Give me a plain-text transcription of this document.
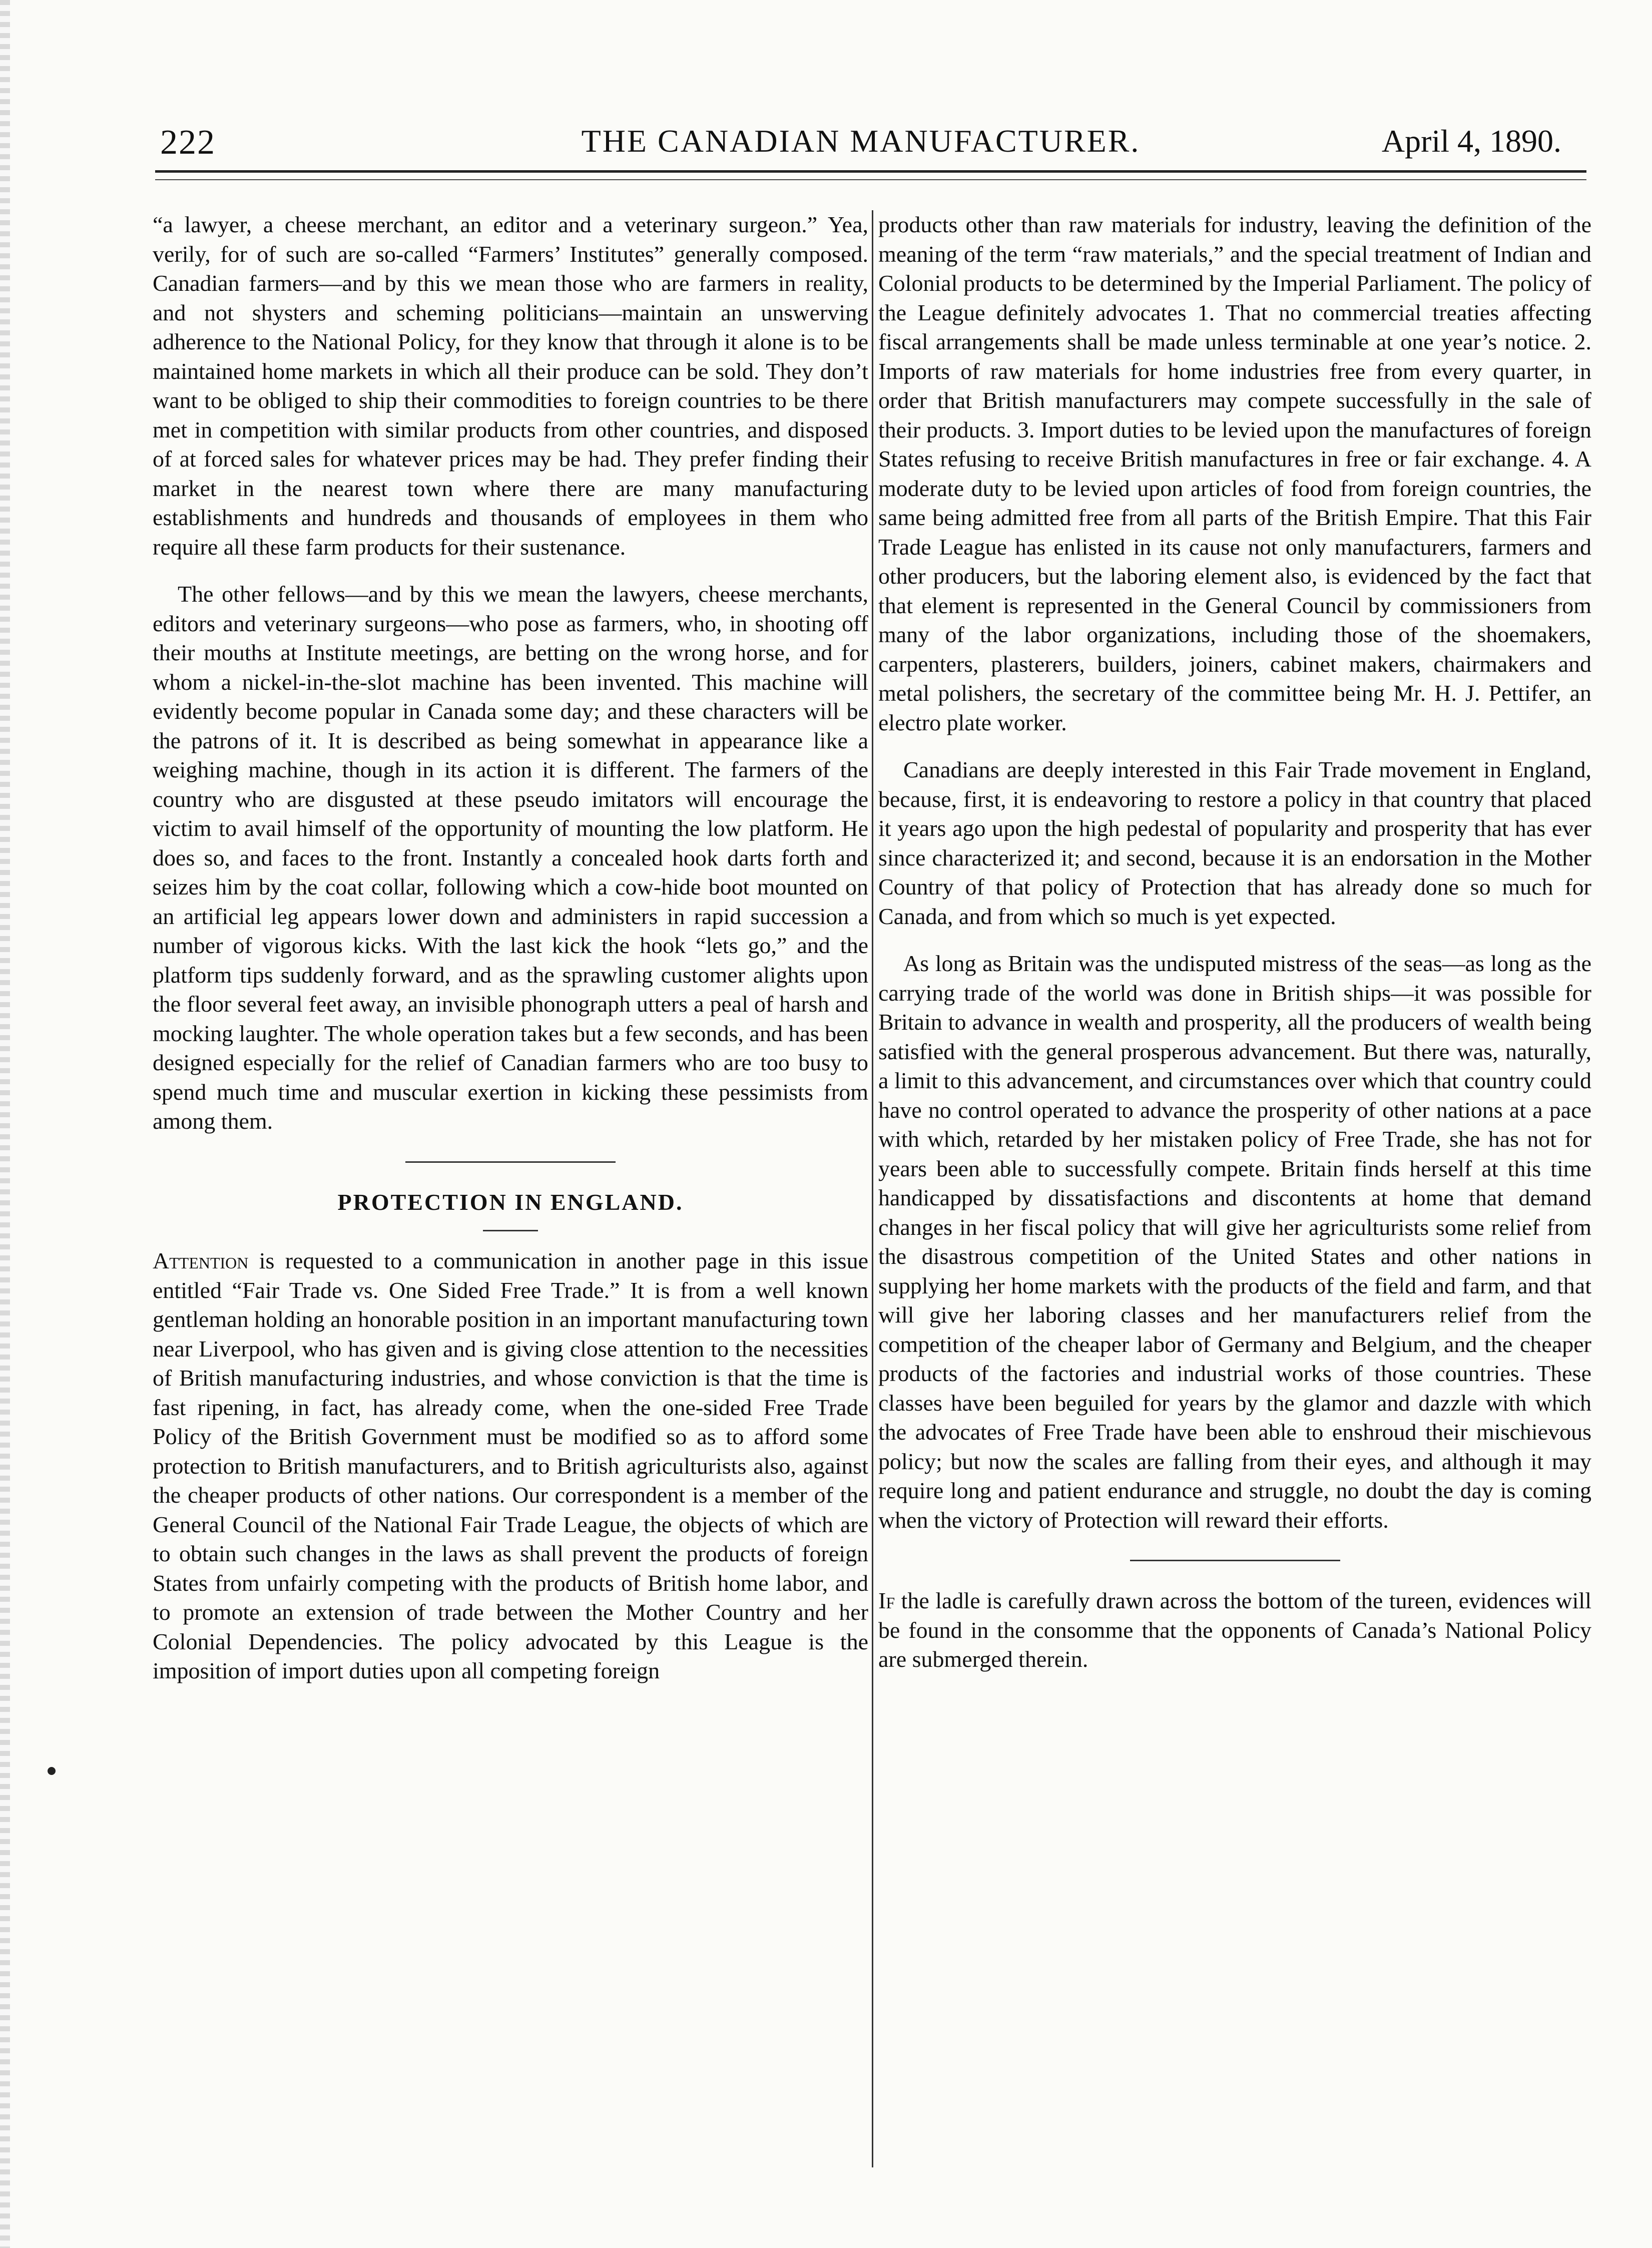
222	THE CANADIAN MANUFACTURER.	April 4, 1890.

“a lawyer, a cheese merchant, an editor and a veterinary surgeon.” Yea, verily, for of such are so-called “Farmers’ Institutes” generally composed. Canadian farmers—and by this we mean those who are farmers in reality, and not shysters and scheming politicians—maintain an unswerving adherence to the National Policy, for they know that through it alone is to be maintained home markets in which all their produce can be sold. They don’t want to be obliged to ship their commodities to foreign countries to be there met in competition with similar products from other countries, and disposed of at forced sales for whatever prices may be had. They prefer finding their market in the nearest town where there are many manufacturing establishments and hundreds and thousands of employees in them who require all these farm products for their sustenance.

The other fellows—and by this we mean the lawyers, cheese merchants, editors and veterinary surgeons—who pose as farmers, who, in shooting off their mouths at Institute meetings, are betting on the wrong horse, and for whom a nickel-in-the-slot machine has been invented. This machine will evidently become popular in Canada some day; and these characters will be the patrons of it. It is described as being somewhat in appearance like a weighing machine, though in its action it is different. The farmers of the country who are disgusted at these pseudo imitators will encourage the victim to avail himself of the opportunity of mounting the low platform. He does so, and faces to the front. Instantly a concealed hook darts forth and seizes him by the coat collar, following which a cow-hide boot mounted on an artificial leg appears lower down and administers in rapid succession a number of vigorous kicks. With the last kick the hook “lets go,” and the platform tips suddenly forward, and as the sprawling customer alights upon the floor several feet away, an invisible phonograph utters a peal of harsh and mocking laughter. The whole operation takes but a few seconds, and has been designed especially for the relief of Canadian farmers who are too busy to spend much time and muscular exertion in kicking these pessimists from among them.

PROTECTION IN ENGLAND.

Attention is requested to a communication in another page in this issue entitled “Fair Trade vs. One Sided Free Trade.” It is from a well known gentleman holding an honorable position in an important manufacturing town near Liverpool, who has given and is giving close attention to the necessities of British manufacturing industries, and whose conviction is that the time is fast ripening, in fact, has already come, when the one-sided Free Trade Policy of the British Government must be modified so as to afford some protection to British manufacturers, and to British agriculturists also, against the cheaper products of other nations. Our correspondent is a member of the General Council of the National Fair Trade League, the objects of which are to obtain such changes in the laws as shall prevent the products of foreign States from unfairly competing with the products of British home labor, and to promote an extension of trade between the Mother Country and her Colonial Dependencies. The policy advocated by this League is the imposition of import duties upon all competing foreign

products other than raw materials for industry, leaving the definition of the meaning of the term “raw materials,” and the special treatment of Indian and Colonial products to be determined by the Imperial Parliament. The policy of the League definitely advocates 1. That no commercial treaties affecting fiscal arrangements shall be made unless terminable at one year’s notice. 2. Imports of raw materials for home industries free from every quarter, in order that British manufacturers may compete successfully in the sale of their products. 3. Import duties to be levied upon the manufactures of foreign States refusing to receive British manufactures in free or fair exchange. 4. A moderate duty to be levied upon articles of food from foreign countries, the same being admitted free from all parts of the British Empire. That this Fair Trade League has enlisted in its cause not only manufacturers, farmers and other producers, but the laboring element also, is evidenced by the fact that that element is represented in the General Council by commissioners from many of the labor organizations, including those of the shoemakers, carpenters, plasterers, builders, joiners, cabinet makers, chairmakers and metal polishers, the secretary of the committee being Mr. H. J. Pettifer, an electro plate worker.

Canadians are deeply interested in this Fair Trade movement in England, because, first, it is endeavoring to restore a policy in that country that placed it years ago upon the high pedestal of popularity and prosperity that has ever since characterized it; and second, because it is an endorsation in the Mother Country of that policy of Protection that has already done so much for Canada, and from which so much is yet expected.

As long as Britain was the undisputed mistress of the seas—as long as the carrying trade of the world was done in British ships—it was possible for Britain to advance in wealth and prosperity, all the producers of wealth being satisfied with the general prosperous advancement. But there was, naturally, a limit to this advancement, and circumstances over which that country could have no control operated to advance the prosperity of other nations at a pace with which, retarded by her mistaken policy of Free Trade, she has not for years been able to successfully compete. Britain finds herself at this time handicapped by dissatisfactions and discontents at home that demand changes in her fiscal policy that will give her agriculturists some relief from the disastrous competition of the United States and other nations in supplying her home markets with the products of the field and farm, and that will give her laboring classes and her manufacturers relief from the competition of the cheaper labor of Germany and Belgium, and the cheaper products of the factories and industrial works of those countries. These classes have been beguiled for years by the glamor and dazzle with which the advocates of Free Trade have been able to enshroud their mischievous policy; but now the scales are falling from their eyes, and although it may require long and patient endurance and struggle, no doubt the day is coming when the victory of Protection will reward their efforts.

If the ladle is carefully drawn across the bottom of the tureen, evidences will be found in the consomme that the opponents of Canada’s National Policy are submerged therein.
